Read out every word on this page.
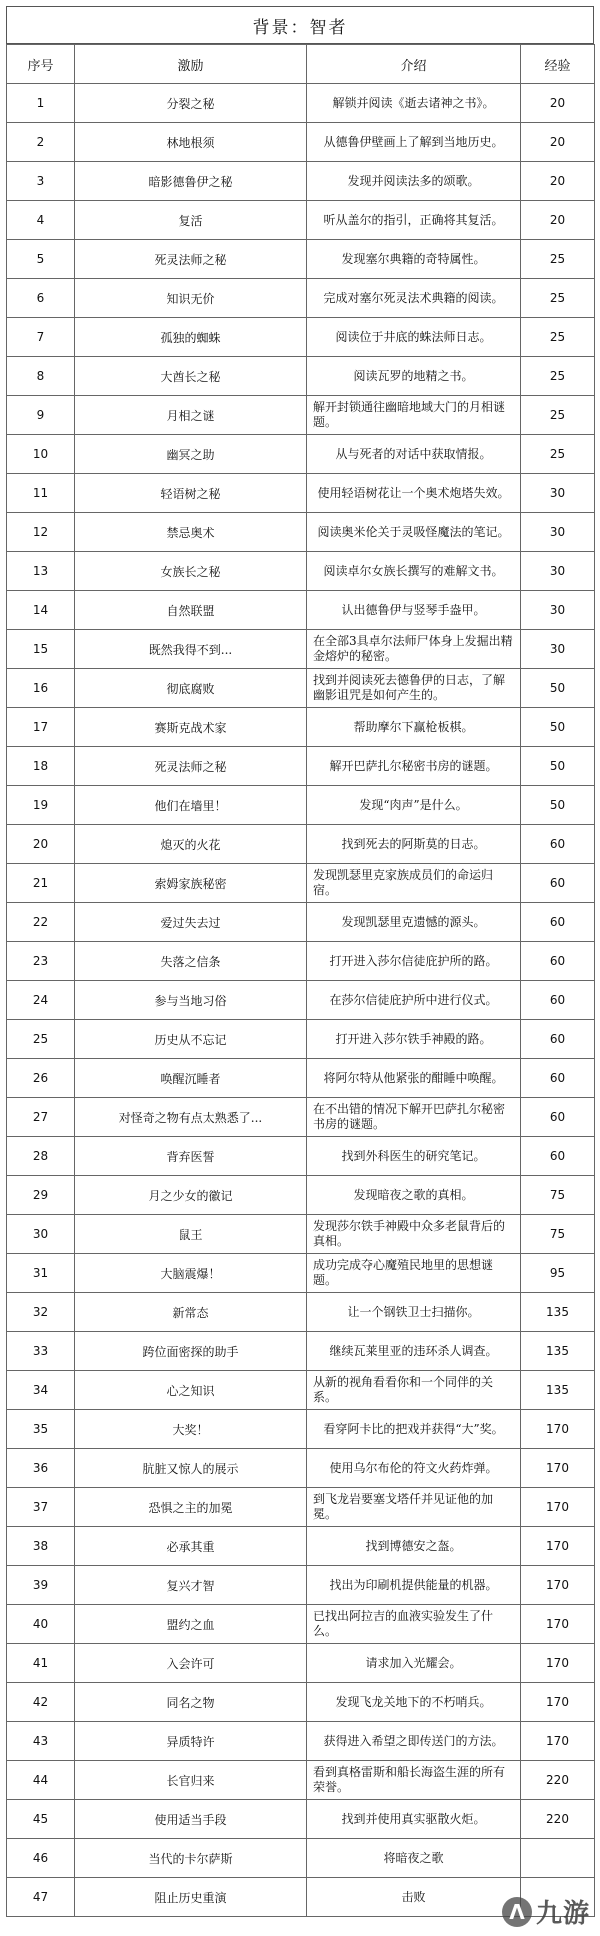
背景：智者
序号	激励	介绍	经验
1	分裂之秘	解锁并阅读《逝去诸神之书》。	20
2	林地根须	从德鲁伊壁画上了解到当地历史。	20
3	暗影德鲁伊之秘	发现并阅读法多的颂歌。	20
4	复活	听从盖尔的指引，正确将其复活。	20
5	死灵法师之秘	发现塞尔典籍的奇特属性。	25
6	知识无价	完成对塞尔死灵法术典籍的阅读。	25
7	孤独的蜘蛛	阅读位于井底的蛛法师日志。	25
8	大酋长之秘	阅读瓦罗的地精之书。	25
9	月相之谜	解开封锁通往幽暗地域大门的月相谜题。	25
10	幽冥之助	从与死者的对话中获取情报。	25
11	轻语树之秘	使用轻语树花让一个奥术炮塔失效。	30
12	禁忌奥术	阅读奥米伦关于灵吸怪魔法的笔记。	30
13	女族长之秘	阅读卓尔女族长撰写的难解文书。	30
14	自然联盟	认出德鲁伊与竖琴手盎甲。	30
15	既然我得不到...	在全部3具卓尔法师尸体身上发掘出精金熔炉的秘密。	30
16	彻底腐败	找到并阅读死去德鲁伊的日志，了解幽影诅咒是如何产生的。	50
17	赛斯克战术家	帮助摩尔下赢枪板棋。	50
18	死灵法师之秘	解开巴萨扎尔秘密书房的谜题。	50
19	他们在墙里！	发现“肉声”是什么。	50
20	熄灭的火花	找到死去的阿斯莫的日志。	60
21	索姆家族秘密	发现凯瑟里克家族成员们的命运归宿。	60
22	爱过失去过	发现凯瑟里克遗憾的源头。	60
23	失落之信条	打开进入莎尔信徒庇护所的路。	60
24	参与当地习俗	在莎尔信徒庇护所中进行仪式。	60
25	历史从不忘记	打开进入莎尔铁手神殿的路。	60
26	唤醒沉睡者	将阿尔特从他紧张的酣睡中唤醒。	60
27	对怪奇之物有点太熟悉了...	在不出错的情况下解开巴萨扎尔秘密书房的谜题。	60
28	背弃医誓	找到外科医生的研究笔记。	60
29	月之少女的徽记	发现暗夜之歌的真相。	75
30	鼠王	发现莎尔铁手神殿中众多老鼠背后的真相。	75
31	大脑震爆！	成功完成夺心魔殖民地里的思想谜题。	95
32	新常态	让一个钢铁卫士扫描你。	135
33	跨位面密探的助手	继续瓦莱里亚的违环杀人调查。	135
34	心之知识	从新的视角看看你和一个同伴的关系。	135
35	大奖！	看穿阿卡比的把戏并获得“大”奖。	170
36	肮脏又惊人的展示	使用乌尔布伦的符文火药炸弹。	170
37	恐惧之主的加冕	到飞龙岩要塞戈塔仟并见证他的加冕。	170
38	必承其重	找到博德安之盔。	170
39	复兴才智	找出为印刷机提供能量的机器。	170
40	盟约之血	已找出阿拉吉的血液实验发生了什么。	170
41	入会许可	请求加入光耀会。	170
42	同名之物	发现飞龙关地下的不朽哨兵。	170
43	异质特许	获得进入希望之即传送门的方法。	170
44	长官归来	看到真格雷斯和船长海盗生涯的所有荣誉。	220
45	使用适当手段	找到并使用真实驱散火炬。	220
46	当代的卡尔萨斯	将暗夜之歌	
47	阻止历史重演	击败	
Ʌ 九游
